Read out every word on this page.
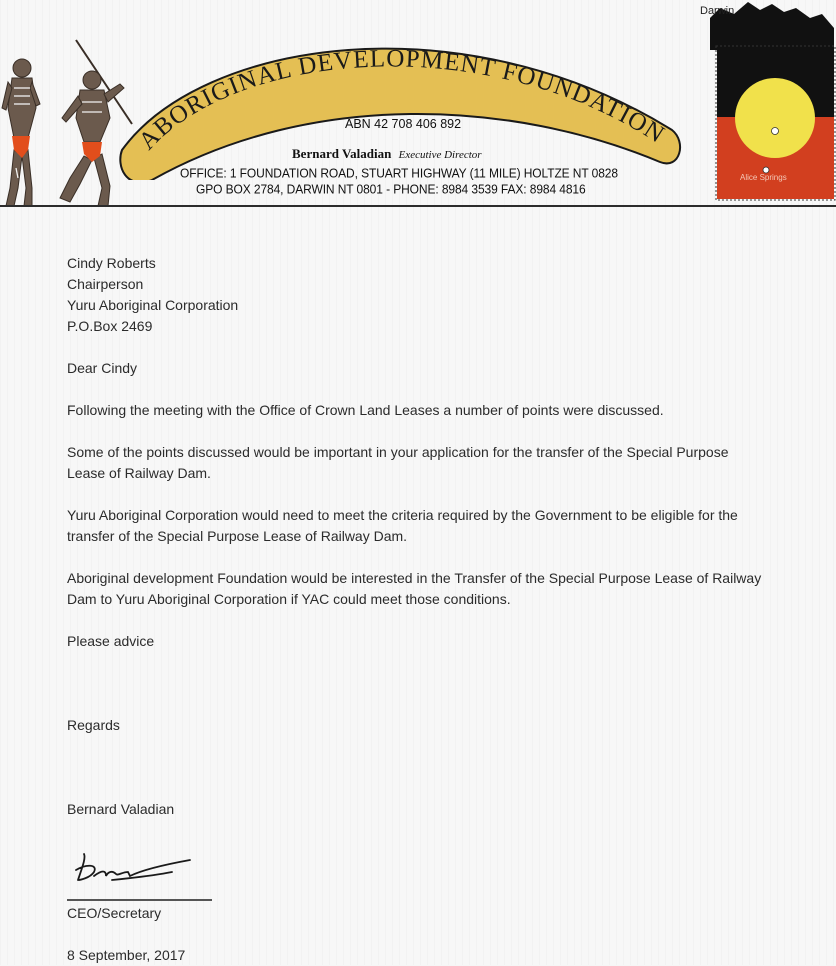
ABORIGINAL DEVELOPMENT FOUNDATION
ABN 42 708 406 892
Bernard Valadian Executive Director
OFFICE: 1 FOUNDATION ROAD, STUART HIGHWAY (11 MILE) HOLTZE NT 0828
GPO BOX 2784, DARWIN NT 0801 - PHONE: 8984 3539 FAX: 8984 4816
Darwin
Alice Springs
Cindy Roberts
Chairperson
Yuru Aboriginal Corporation
P.O.Box 2469
Dear Cindy
Following the meeting with the Office of Crown Land Leases a number of points were discussed.
Some of the points discussed would be important in your application for the transfer of the Special Purpose Lease of Railway Dam.
Yuru Aboriginal Corporation would need to meet the criteria required by the Government to be eligible for the transfer of the Special Purpose Lease of Railway Dam.
Aboriginal development Foundation would be interested in the Transfer of the Special Purpose Lease of Railway Dam to Yuru Aboriginal Corporation if YAC could meet those conditions.
Please advice
Regards
Bernard Valadian
CEO/Secretary
8 September, 2017
